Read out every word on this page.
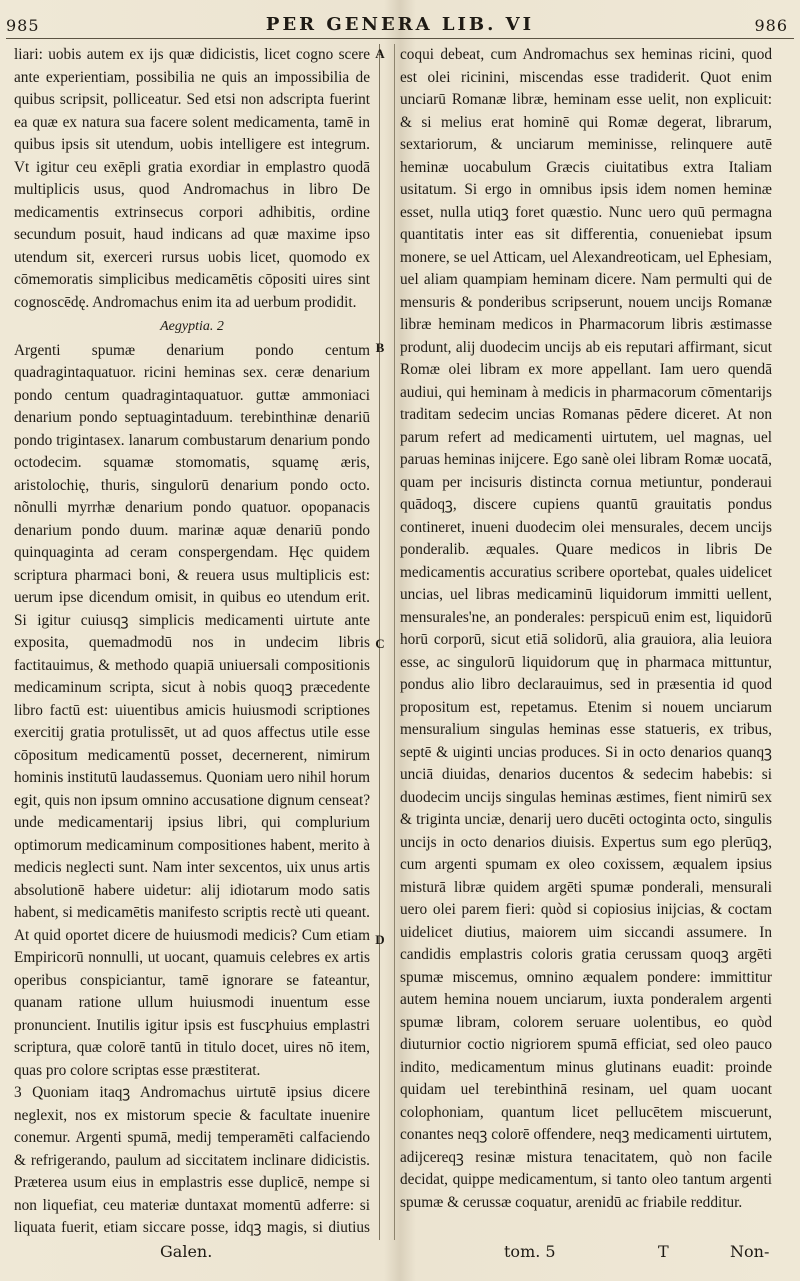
985	PER GENERA LIB. VI	986

liari: uobis autem ex ijs quæ didicistis, licet cogno scere ante experientiam, possibilia ne quis an impossibilia de quibus scripsit, polliceatur. Sed etsi non adscripta fuerint ea quæ ex natura sua facere solent medicamenta, tamē in quibus ipsis sit utendum, uobis intelligere est integrum. Vt igitur ceu exēpli gratia exordiar in emplastro quodā multiplicis usus, quod Andromachus in libro De medicamentis extrinsecus corpori adhibitis, ordine secundum posuit, haud indicans ad quæ maxime ipso utendum sit, exerceri rursus uobis licet, quomodo ex cōmemoratis simplicibus medicamētis cōpositi uires sint cognoscēdę. Andromachus enim ita ad uerbum prodidit.

Aegyptia. 2

Argenti spumæ denarium pondo centum quadragintaquatuor. ricini heminas sex. ceræ denarium pondo centum quadragintaquatuor. guttæ ammoniaci denarium pondo septuagintaduum. terebinthinæ denariū pondo trigintasex. lanarum combustarum denarium pondo octodecim. squamæ stomomatis, squamę æris, aristolochię, thuris, singulorū denarium pondo octo. nõnulli myrrhæ denarium pondo quatuor. opopanacis denarium pondo duum. marinæ aquæ denariū pondo quinquaginta ad ceram conspergendam. Hęc quidem scriptura pharmaci boni, & reuera usus multiplicis est: uerum ipse dicendum omisit, in quibus eo utendum erit. Si igitur cuiusqꝫ simplicis medicamenti uirtute ante exposita, quemadmodū nos in undecim libris factitauimus, & methodo quapiā uniuersali compositionis medicaminum scripta, sicut à nobis quoqꝫ præcedente libro factū est: uiuentibus amicis huiusmodi scriptiones exercitij gratia protulissēt, ut ad quos affectus utile esse cōpositum medicamentū posset, decernerent, nimirum hominis institutū laudassemus. Quoniam uero nihil horum egit, quis non ipsum omnino accusatione dignum censeat? unde medicamentarij ipsius libri, qui complurium optimorum medicaminum compositiones habent, merito à medicis neglecti sunt. Nam inter sexcentos, uix unus artis absolutionē habere uidetur: alij idiotarum modo satis habent, si medicamētis manifesto scriptis rectè uti queant. At quid oportet dicere de huiusmodi medicis? Cum etiam Empiricorū nonnulli, ut uocant, quamuis celebres ex artis operibus conspiciantur, tamē ignorare se fateantur, quanam ratione ullum huiusmodi inuentum esse pronuncient. Inutilis igitur ipsis est fuscꝩhuius emplastri scriptura, quæ colorē tantū in titulo docet, uires nō item, quas pro colore scriptas esse præstiterat.

3 Quoniam itaqꝫ Andromachus uirtutē ipsius dicere neglexit, nos ex mistorum specie & facultate inuenire conemur. Argenti spumā, medij temperamēti calfaciendo & refrigerando, paulum ad siccitatem inclinare didicistis. Præterea usum eius in emplastris esse duplicē, nempe si non liquefiat, ceu materiæ duntaxat momentū adferre: si liquata fuerit, etiam siccare posse, idqꝫ magis, si diutius

A
B
C
D

coqui debeat, cum Andromachus sex heminas ricini, quod est olei ricinini, miscendas esse tradiderit. Quot enim unciarū Romanæ libræ, heminam esse uelit, non explicuit: & si melius erat hominē qui Romæ degerat, librarum, sextariorum, & unciarum meminisse, relinquere autē heminæ uocabulum Græcis ciuitatibus extra Italiam usitatum. Si ergo in omnibus ipsis idem nomen heminæ esset, nulla utiqꝫ foret quæstio. Nunc uero quū permagna quantitatis inter eas sit differentia, conueniebat ipsum monere, se uel Atticam, uel Alexandreoticam, uel Ephesiam, uel aliam quampiam heminam dicere. Nam permulti qui de mensuris & ponderibus scripserunt, nouem uncijs Romanæ libræ heminam medicos in Pharmacorum libris æstimasse produnt, alij duodecim uncijs ab eis reputari affirmant, sicut Romæ olei libram ex more appellant. Iam uero quendā audiui, qui heminam à medicis in pharmacorum cōmentarijs traditam sedecim uncias Romanas pēdere diceret. At non parum refert ad medicamenti uirtutem, uel magnas, uel paruas heminas inijcere. Ego sanè olei libram Romæ uocatā, quam per incisuris distincta cornua metiuntur, ponderaui quādoqꝫ, discere cupiens quantū grauitatis pondus contineret, inueni duodecim olei mensurales, decem uncijs ponderalib. æquales. Quare medicos in libris De medicamentis accuratius scribere oportebat, quales uidelicet uncias, uel libras medicaminū liquidorum immitti uellent, mensurales'ne, an ponderales: perspicuū enim est, liquidorū horū corporū, sicut etiā solidorū, alia grauiora, alia leuiora esse, ac singulorū liquidorum quę in pharmaca mittuntur, pondus alio libro declarauimus, sed in præsentia id quod propositum est, repetamus. Etenim si nouem unciarum mensuralium singulas heminas esse statueris, ex tribus, septē & uiginti uncias produces. Si in octo denarios quanqꝫ unciā diuidas, denarios ducentos & sedecim habebis: si duodecim uncijs singulas heminas æstimes, fient nimirū sex & triginta unciæ, denarij uero ducēti octoginta octo, singulis uncijs in octo denarios diuisis. Expertus sum ego plerūqꝫ, cum argenti spumam ex oleo coxissem, æqualem ipsius misturā libræ quidem argēti spumæ ponderali, mensurali uero olei parem fieri: quòd si copiosius inijcias, & coctam uidelicet diutius, maiorem uim siccandi assumere. In candidis emplastris coloris gratia cerussam quoqꝫ argēti spumæ miscemus, omnino æqualem pondere: immittitur autem hemina nouem unciarum, iuxta ponderalem argenti spumæ libram, colorem seruare uolentibus, eo quòd diuturnior coctio nigriorem spumā efficiat, sed oleo pauco indito, medicamentum minus glutinans euadit: proinde quidam uel terebinthinā resinam, uel quam uocant colophoniam, quantum licet pellucētem miscuerunt, conantes neqꝫ colorē offendere, neqꝫ medicamenti uirtutem, adijcereqꝫ resinæ mistura tenacitatem, quò non facile decidat, quippe medicamentum, si tanto oleo tantum argenti spumæ & cerussæ coquatur, arenidū ac friabile redditur.

Galen.	tom. 5	T	Non-
